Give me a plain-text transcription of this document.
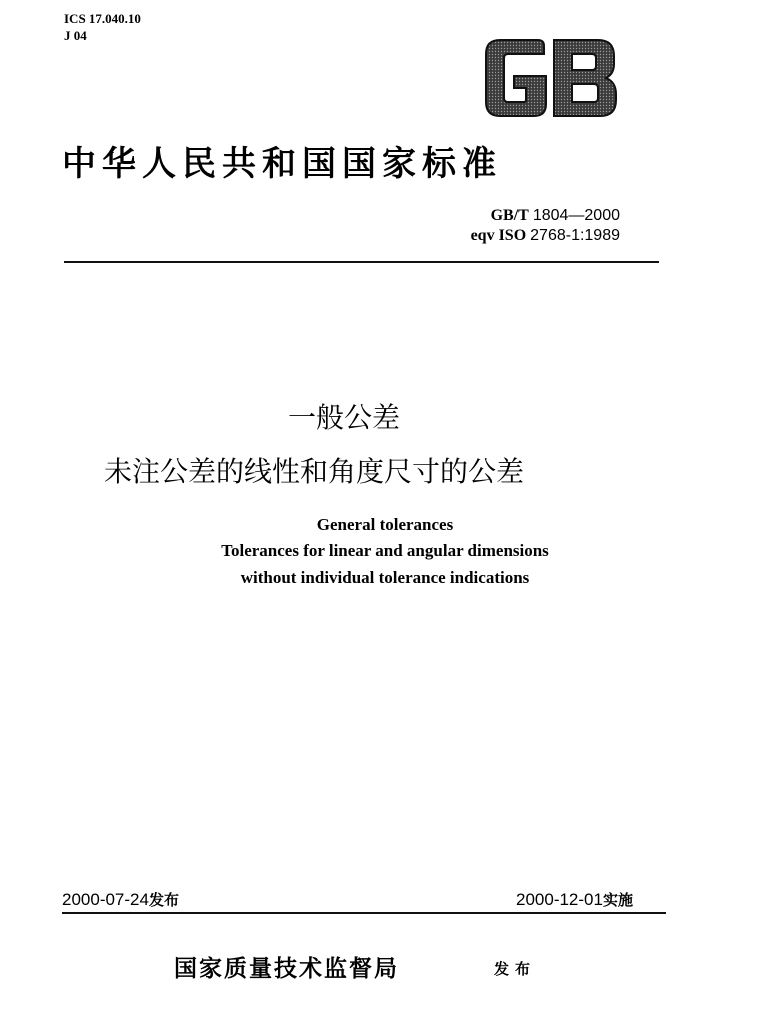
ICS 17.040.10
J 04
中华人民共和国国家标准
GB/T 1804—2000
eqv ISO 2768-1:1989
一般公差
未注公差的线性和角度尺寸的公差
General tolerances
Tolerances for linear and angular dimensions
without individual tolerance indications
2000-07-24发布	2000-12-01实施
国家质量技术监督局	发布
